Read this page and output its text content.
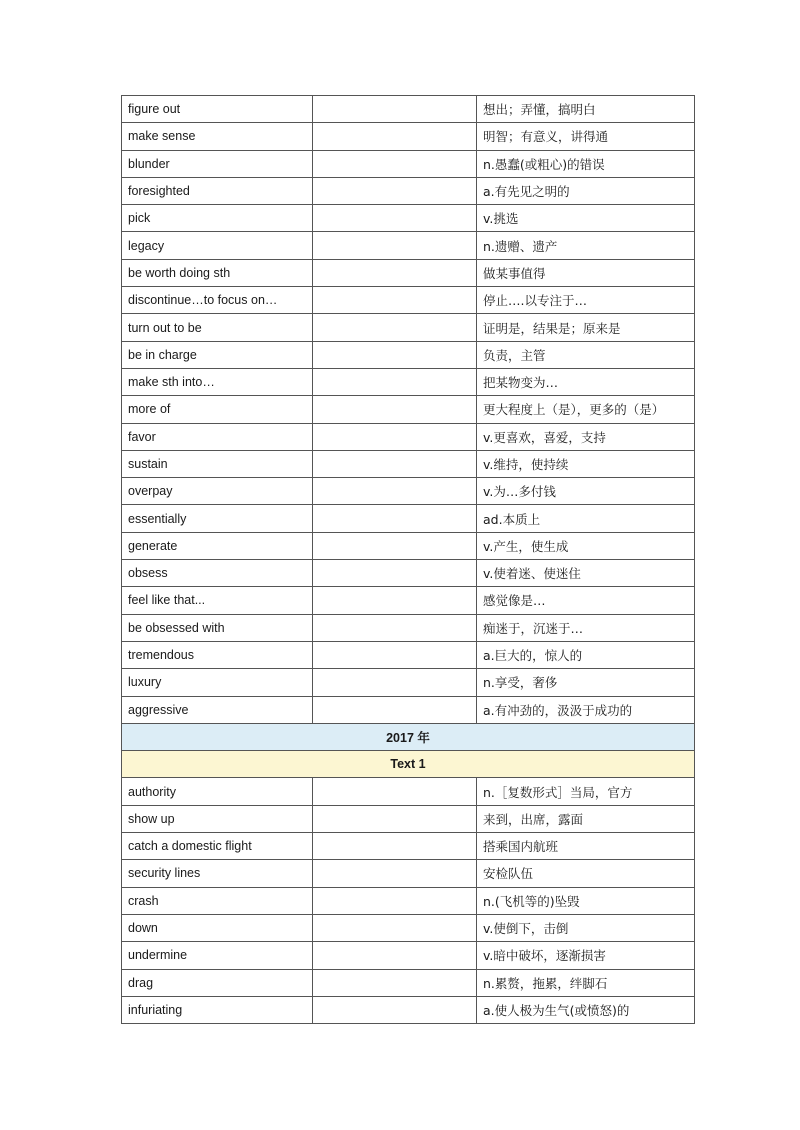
figure out		想出；弄懂，搞明白
make sense		明智；有意义，讲得通
blunder		n.愚蠢(或粗心)的错误
foresighted		a.有先见之明的
pick		v.挑选
legacy		n.遗赠、遗产
be worth doing sth		做某事值得
discontinue…to focus on…		停止….以专注于…
turn out to be		证明是，结果是；原来是
be in charge		负责，主管
make sth into…		把某物变为…
more of		更大程度上（是），更多的（是）
favor		v.更喜欢，喜爱，支持
sustain		v.维持，使持续
overpay		v.为…多付钱
essentially		ad.本质上
generate		v.产生，使生成
obsess		v.使着迷、使迷住
feel like that...		感觉像是…
be obsessed with		痴迷于，沉迷于…
tremendous		a.巨大的，惊人的
luxury		n.享受，奢侈
aggressive		a.有冲劲的，汲汲于成功的
2017 年		
Text 1		
authority		n.［复数形式］当局，官方
show up		来到，出席，露面
catch a domestic flight		搭乘国内航班
security lines		安检队伍
crash		n.(飞机等的)坠毁
down		v.使倒下，击倒
undermine		v.暗中破坏，逐渐损害
drag		n.累赘，拖累，绊脚石
infuriating		a.使人极为生气(或愤怒)的
